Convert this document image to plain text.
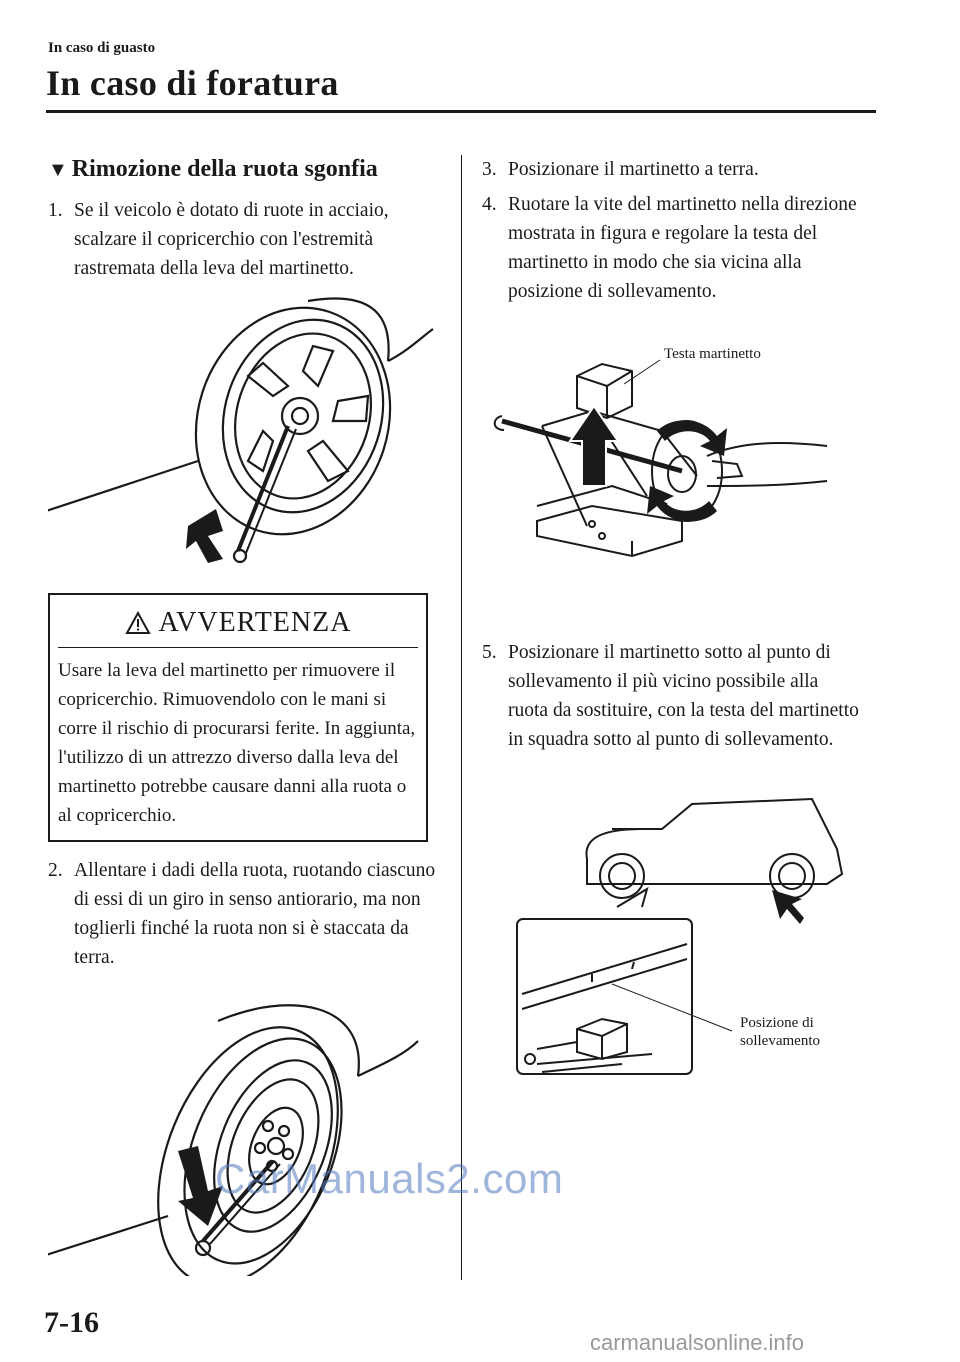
In caso di guasto
In caso di foratura
▼ Rimozione della ruota sgonfia

1. Se il veicolo è dotato di ruote in acciaio, scalzare il copricerchio con l'estremità rastremata della leva del martinetto.

AVVERTENZA
Usare la leva del martinetto per rimuovere il copricerchio. Rimuovendolo con le mani si corre il rischio di procurarsi ferite. In aggiunta, l'utilizzo di un attrezzo diverso dalla leva del martinetto potrebbe causare danni alla ruota o al copricerchio.

2. Allentare i dadi della ruota, ruotando ciascuno di essi di un giro in senso antiorario, ma non toglierli finché la ruota non si è staccata da terra.

3. Posizionare il martinetto a terra.

4. Ruotare la vite del martinetto nella direzione mostrata in figura e regolare la testa del martinetto in modo che sia vicina alla posizione di sollevamento.

Testa martinetto

5. Posizionare il martinetto sotto al punto di sollevamento il più vicino possibile alla ruota da sostituire, con la testa del martinetto in squadra sotto al punto di sollevamento.

Posizione di
sollevamento
7-16
CarManuals2.com
carmanualsonline.info
